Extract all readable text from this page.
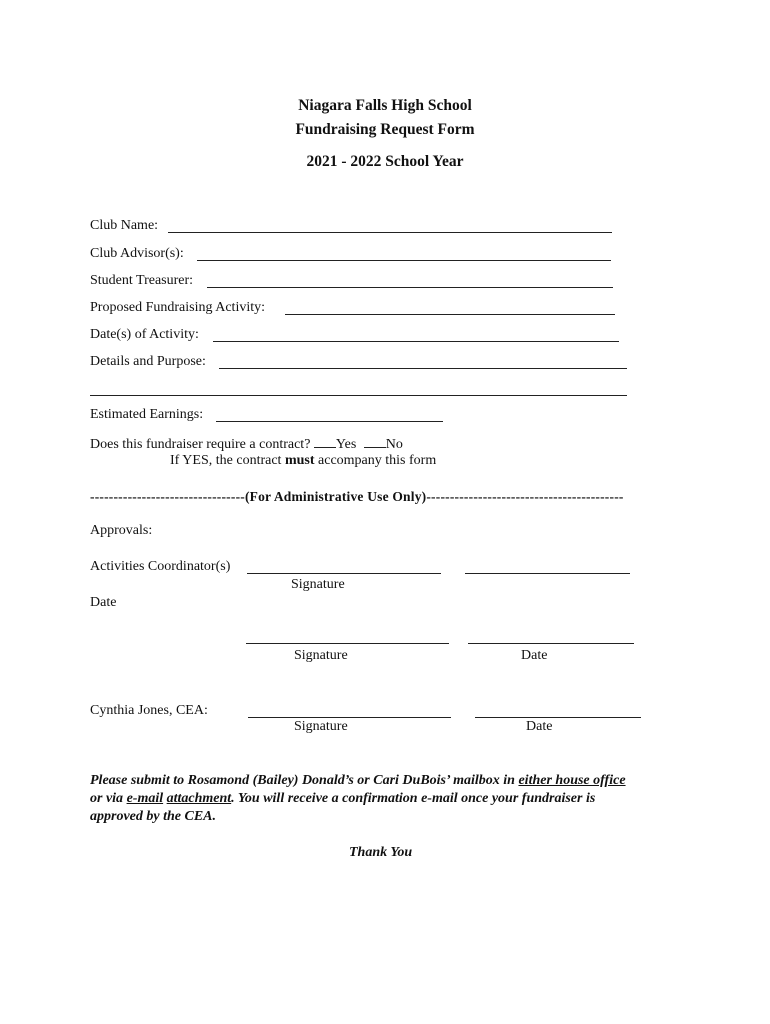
Niagara Falls High School
Fundraising Request Form
2021 - 2022 School Year
Club Name:
Club Advisor(s):
Student Treasurer:
Proposed Fundraising Activity:
Date(s) of Activity:
Details and Purpose:
Estimated Earnings:
Does this fundraiser require a contract? Yes No
If YES, the contract must accompany this form
---------------------------------(For Administrative Use Only)------------------------------------------
Approvals:
Activities Coordinator(s)
Signature
Date
Signature	Date
Cynthia Jones, CEA:
Signature	Date
Please submit to Rosamond (Bailey) Donald’s or Cari DuBois’ mailbox in either house office
or via e-mail attachment. You will receive a confirmation e-mail once your fundraiser is
approved by the CEA.
Thank You
